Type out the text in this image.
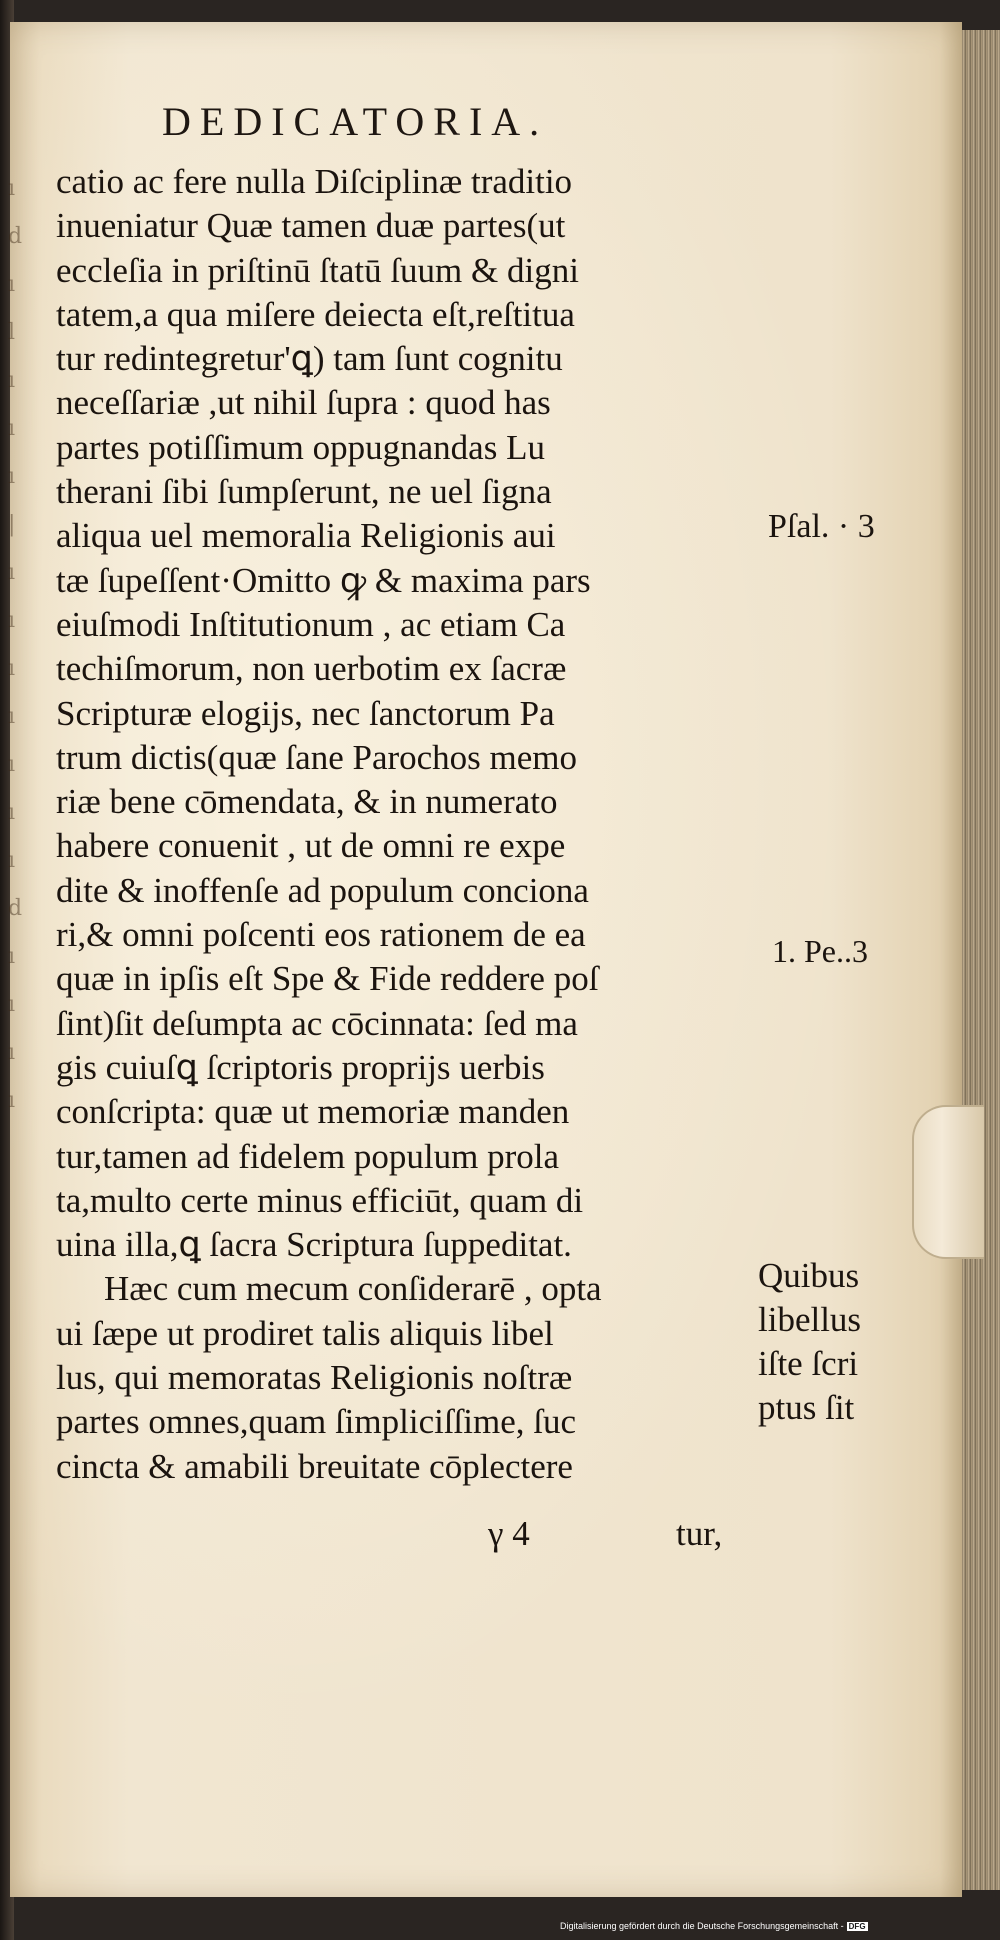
ı
d
ı
l
ı
ı
ı
|
ı
ı
ı
ı
ı
ı
ı
d
ı
ı
ı
ı
DEDICATORIA.
catio ac fere nulla Diſciplinæ traditio
inueniatur Quæ tamen duæ partes(ut
eccleſia in priſtinū ſtatū ſuum & digni
tatem,a qua miſere deiecta eſt,reſtitua
tur redintegretur'ꝗ) tam ſunt cognitu
neceſſariæ ,ut nihil ſupra : quod has
partes potiſſimum oppugnandas Lu
therani ſibi ſumpſerunt, ne uel ſigna
aliqua uel memoralia Religionis aui
tæ ſupeſſent·Omitto ꝙ & maxima pars
eiuſmodi Inſtitutionum , ac etiam Ca
techiſmorum, non uerbotim ex ſacræ
Scripturæ elogijs, nec ſanctorum Pa
trum dictis(quæ ſane Parochos memo
riæ bene cōmendata, & in numerato
habere conuenit , ut de omni re expe
dite & inoffenſe ad populum conciona
ri,& omni poſcenti eos rationem de ea
quæ in ipſis eſt Spe & Fide reddere poſ
ſint)ſit deſumpta ac cōcinnata: ſed ma
gis cuiuſꝗ ſcriptoris proprijs uerbis
conſcripta: quæ ut memoriæ manden
tur,tamen ad fidelem populum prola
ta,multo certe minus efficiūt, quam di
uina illa,ꝗ ſacra Scriptura ſuppeditat.
Hæc cum mecum conſiderarē , opta
ui ſæpe ut prodiret talis aliquis libel
lus, qui memoratas Religionis noſtræ
partes omnes,quam ſimpliciſſime, ſuc
cincta & amabili breuitate cōplectere
Pſal. · 3
1. Pe..3
Quibus
libellus
iſte ſcri
ptus ſit
γ 4	tur,
Digitalisierung gefördert durch die Deutsche Forschungsgemeinschaft - DFG
